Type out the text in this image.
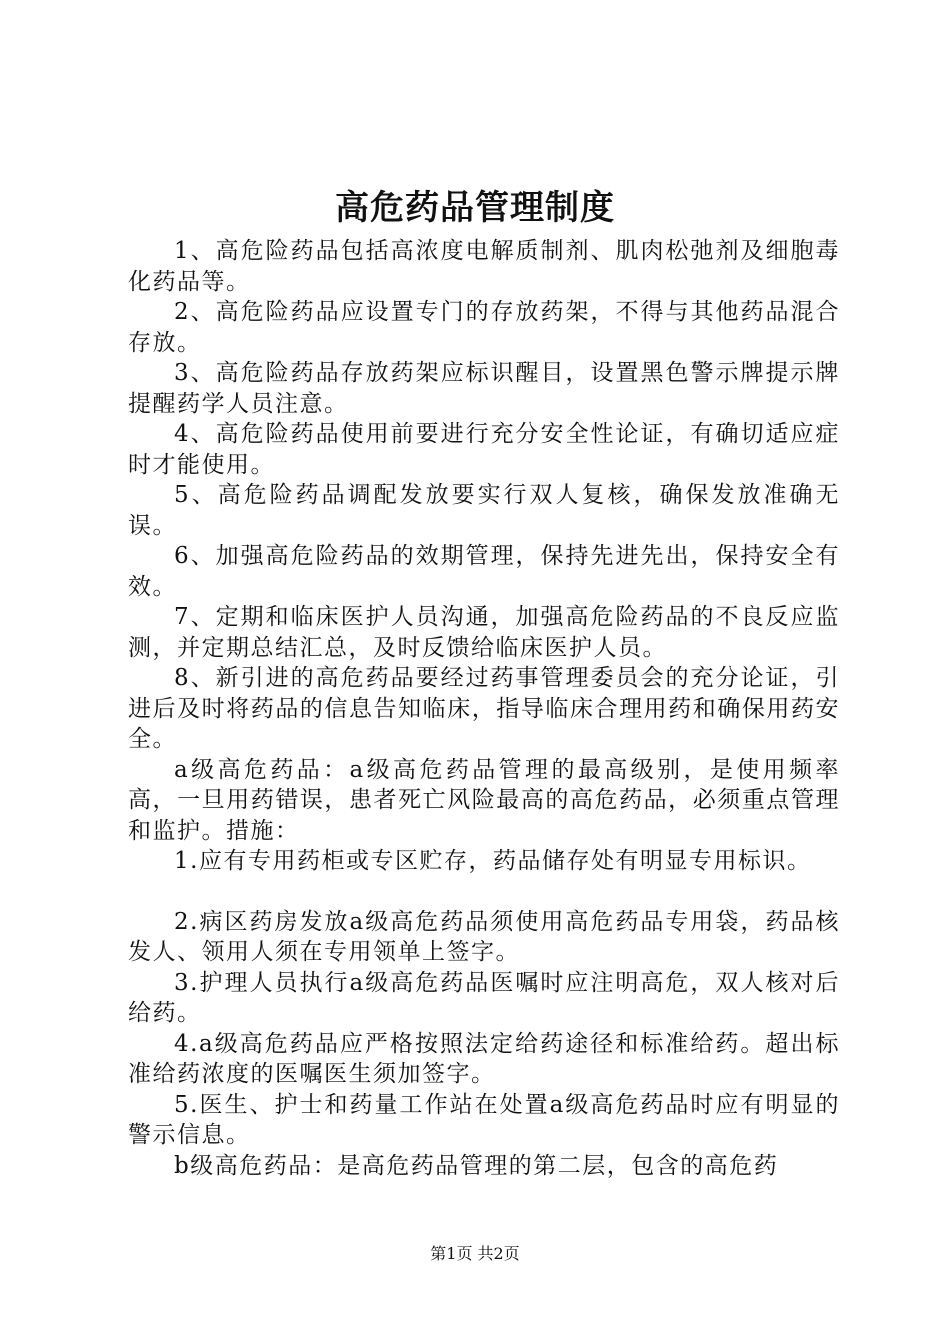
高危药品管理制度

1、高危险药品包括高浓度电解质制剂、肌肉松弛剂及细胞毒化药品等。

2、高危险药品应设置专门的存放药架，不得与其他药品混合存放。

3、高危险药品存放药架应标识醒目，设置黑色警示牌提示牌提醒药学人员注意。

4、高危险药品使用前要进行充分安全性论证，有确切适应症时才能使用。

5、高危险药品调配发放要实行双人复核，确保发放准确无误。

6、加强高危险药品的效期管理，保持先进先出，保持安全有效。

7、定期和临床医护人员沟通，加强高危险药品的不良反应监测，并定期总结汇总，及时反馈给临床医护人员。

8、新引进的高危药品要经过药事管理委员会的充分论证，引进后及时将药品的信息告知临床，指导临床合理用药和确保用药安全。

a级高危药品：a级高危药品管理的最高级别，是使用频率高，一旦用药错误，患者死亡风险最高的高危药品，必须重点管理和监护。措施：

1.应有专用药柜或专区贮存，药品储存处有明显专用标识。

2.病区药房发放a级高危药品须使用高危药品专用袋，药品核发人、领用人须在专用领单上签字。

3.护理人员执行a级高危药品医嘱时应注明高危，双人核对后给药。

4.a级高危药品应严格按照法定给药途径和标准给药。超出标准给药浓度的医嘱医生须加签字。

5.医生、护士和药量工作站在处置a级高危药品时应有明显的警示信息。

b级高危药品：是高危药品管理的第二层，包含的高危药

第1页 共2页
